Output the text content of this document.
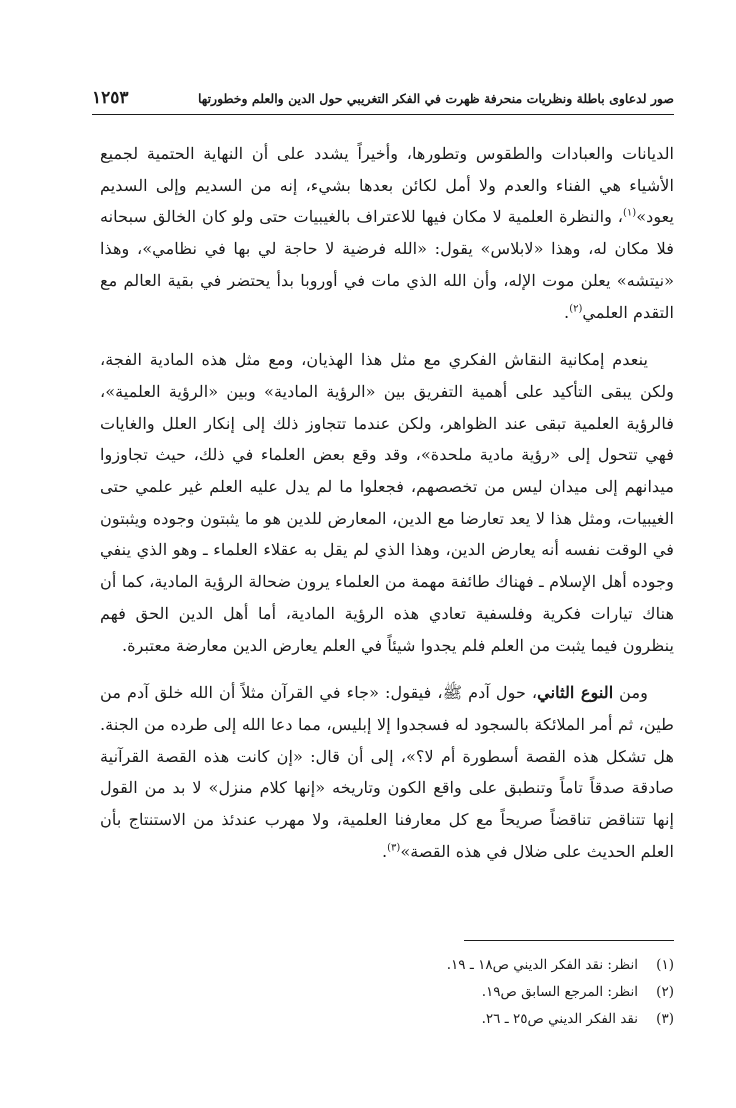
صور لدعاوى باطلة ونظريات منحرفة ظهرت في الفكر التغريبي حول الدين والعلم وخطورتها
١٢٥٣

الديانات والعبادات والطقوس وتطورها، وأخيراً يشدد على أن النهاية الحتمية لجميع الأشياء هي الفناء والعدم ولا أمل لكائن بعدها بشيء، إنه من السديم وإلى السديم يعود»$^{(١)}$، والنظرة العلمية لا مكان فيها للاعتراف بالغيبيات حتى ولو كان الخالق سبحانه فلا مكان له، وهذا «لابلاس» يقول: «الله فرضية لا حاجة لي بها في نظامي»، وهذا «نيتشه» يعلن موت الإله، وأن الله الذي مات في أوروبا بدأ يحتضر في بقية العالم مع التقدم العلمي$^{(٢)}$.

ينعدم إمكانية النقاش الفكري مع مثل هذا الهذيان، ومع مثل هذه المادية الفجة، ولكن يبقى التأكيد على أهمية التفريق بين «الرؤية المادية» وبين «الرؤية العلمية»، فالرؤية العلمية تبقى عند الظواهر، ولكن عندما تتجاوز ذلك إلى إنكار العلل والغايات فهي تتحول إلى «رؤية مادية ملحدة»، وقد وقع بعض العلماء في ذلك، حيث تجاوزوا ميدانهم إلى ميدان ليس من تخصصهم، فجعلوا ما لم يدل عليه العلم غير علمي حتى الغيبيات، ومثل هذا لا يعد تعارضا مع الدين، المعارض للدين هو ما يثبتون وجوده ويثبتون في الوقت نفسه أنه يعارض الدين، وهذا الذي لم يقل به عقلاء العلماء ـ وهو الذي ينفي وجوده أهل الإسلام ـ فهناك طائفة مهمة من العلماء يرون ضحالة الرؤية المادية، كما أن هناك تيارات فكرية وفلسفية تعادي هذه الرؤية المادية، أما أهل الدين الحق فهم ينظرون فيما يثبت من العلم فلم يجدوا شيئاً في العلم يعارض الدين معارضة معتبرة.

ومن النوع الثاني، حول آدم ﷺ، فيقول: «جاء في القرآن مثلاً أن الله خلق آدم من طين، ثم أمر الملائكة بالسجود له فسجدوا إلا إبليس، مما دعا الله إلى طرده من الجنة. هل تشكل هذه القصة أسطورة أم لا؟»، إلى أن قال: «إن كانت هذه القصة القرآنية صادقة صدقاً تاماً وتنطبق على واقع الكون وتاريخه «إنها كلام منزل» لا بد من القول إنها تتناقض تناقضاً صريحاً مع كل معارفنا العلمية، ولا مهرب عندئذ من الاستنتاج بأن العلم الحديث على ضلال في هذه القصة»$^{(٣)}$.

(١)
انظر: نقد الفكر الديني ص١٨ ـ ١٩.
(٢)
انظر: المرجع السابق ص١٩.
(٣)
نقد الفكر الديني ص٢٥ ـ ٢٦.
